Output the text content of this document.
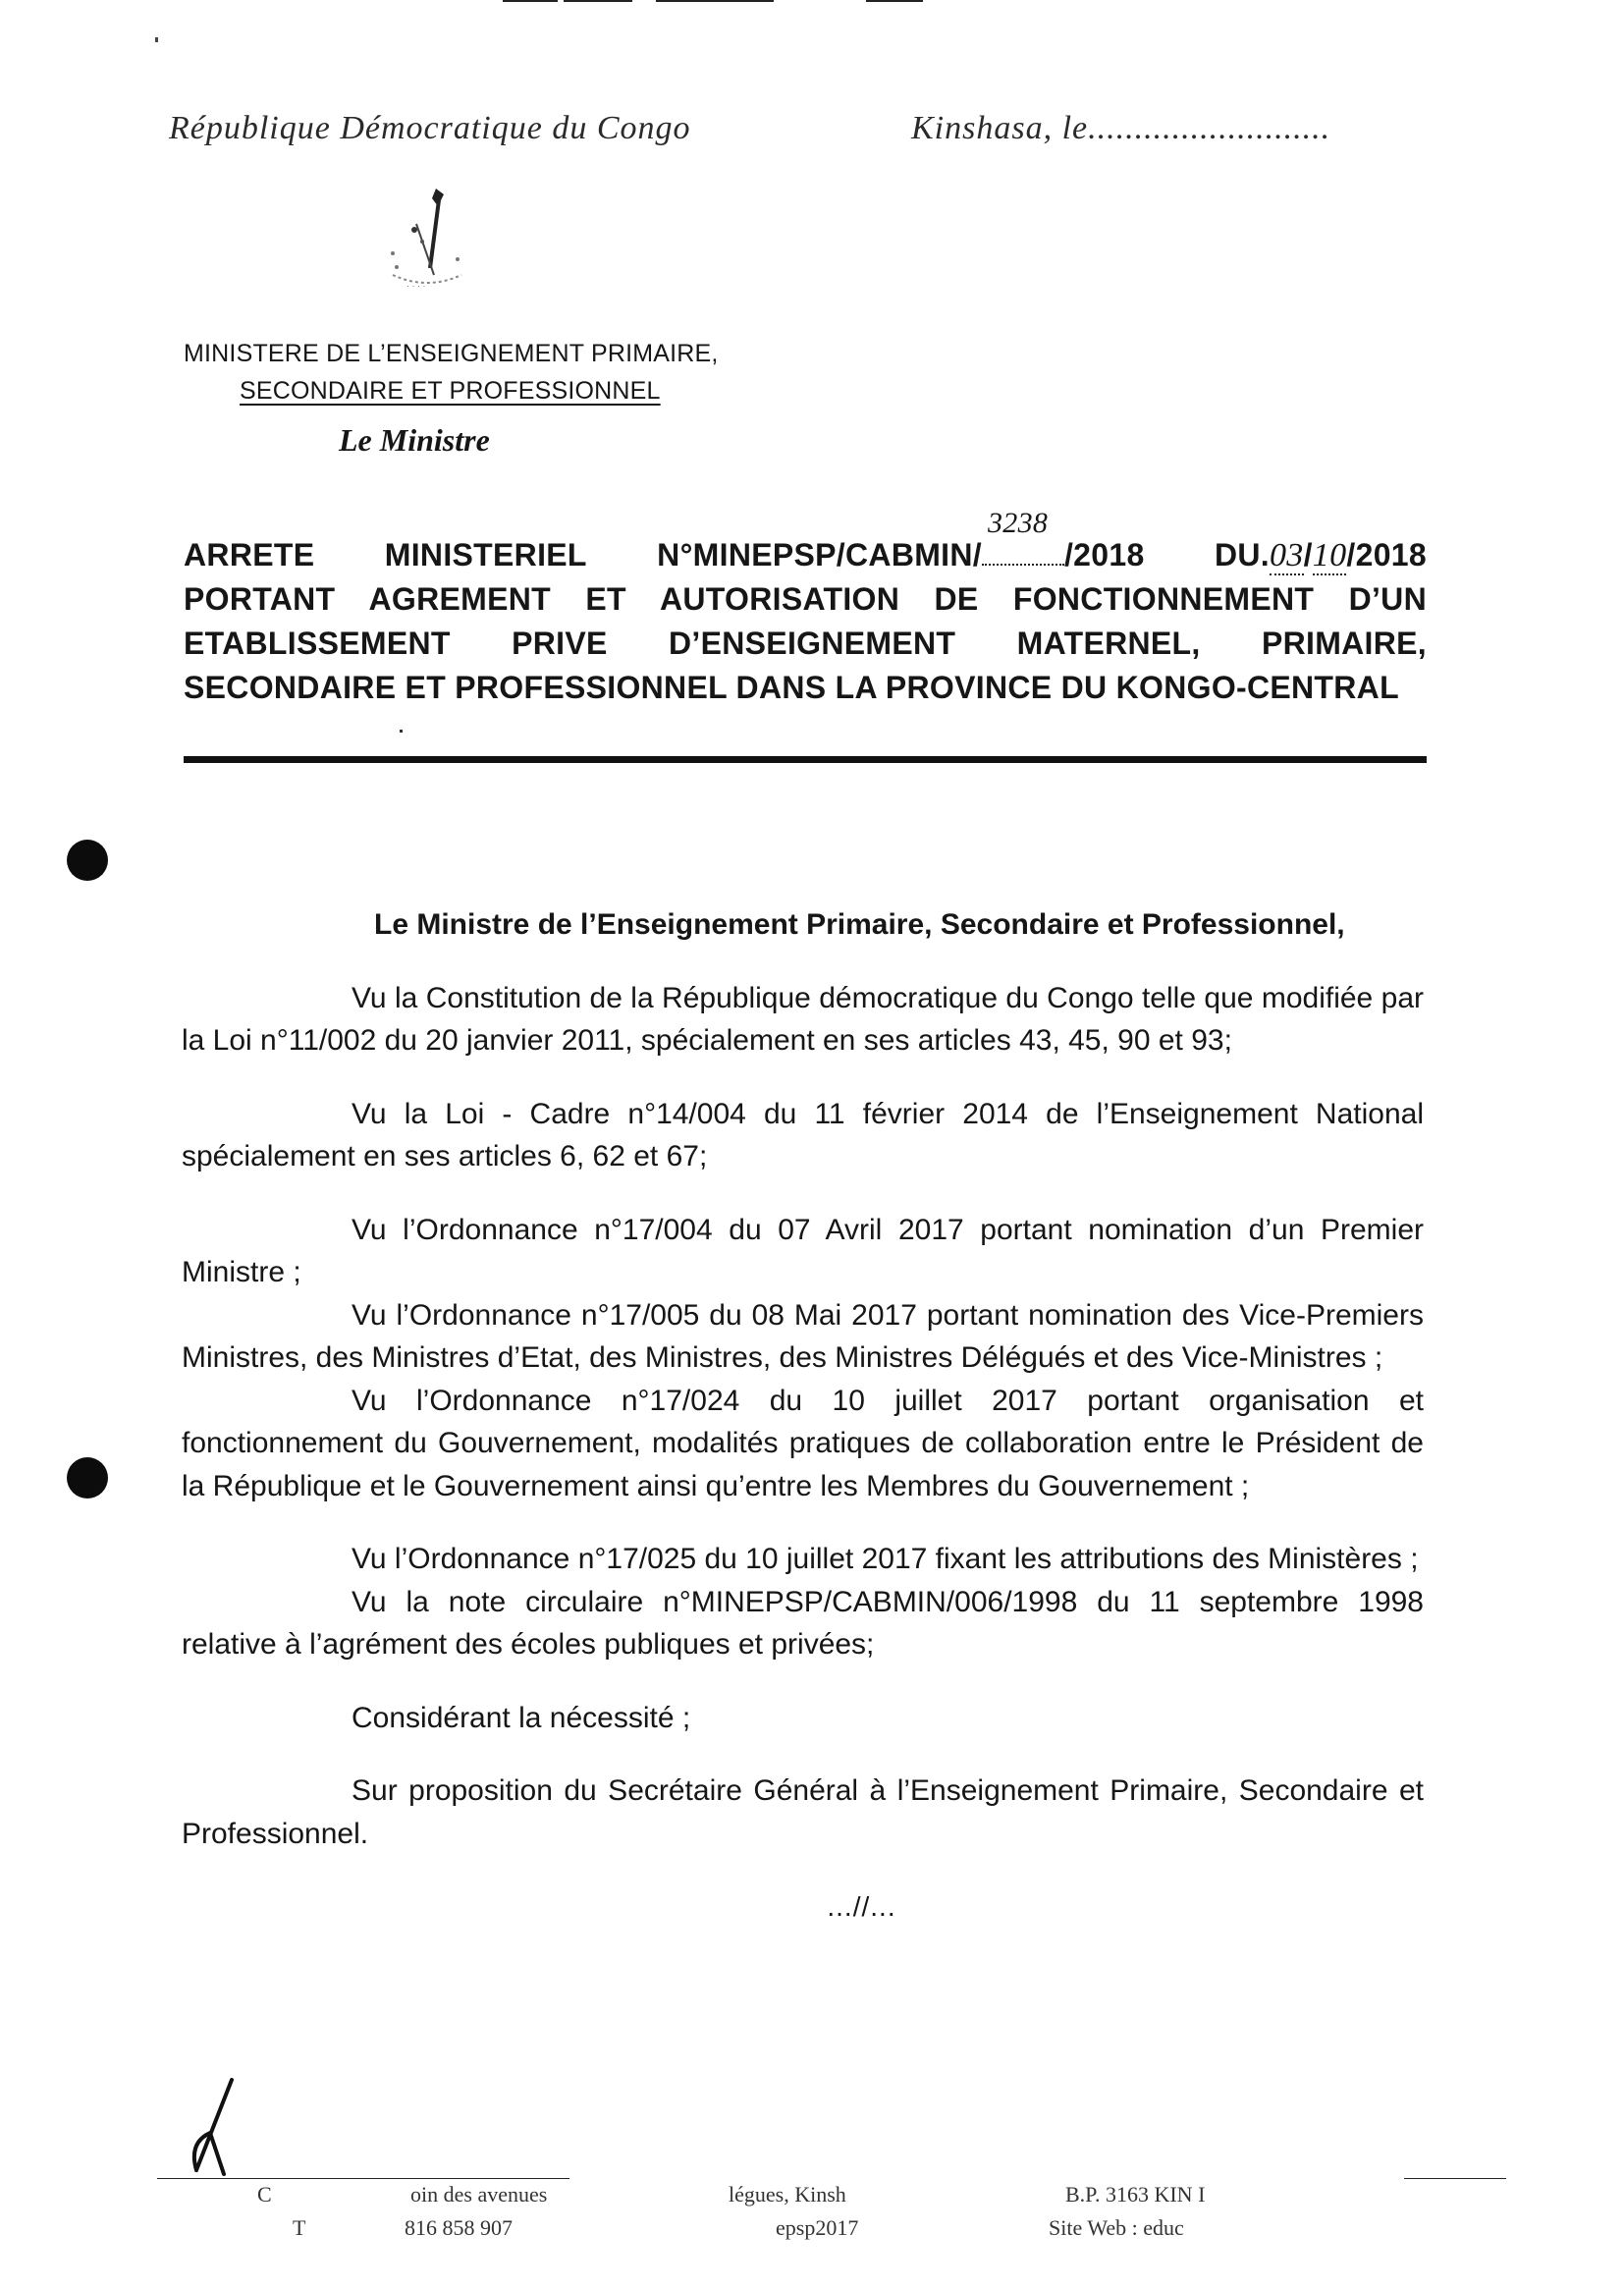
République Démocratique du Congo	Kinshasa, le..........................
· · · ·
MINISTERE DE L’ENSEIGNEMENT PRIMAIRE,
SECONDAIRE ET PROFESSIONNEL
Le Ministre
ARRETE MINISTERIEL N°MINEPSP/CABMIN/
3238
/2018 DU.03/10/2018
PORTANT AGREMENT ET AUTORISATION DE FONCTIONNEMENT D’UN ETABLISSEMENT PRIVE D’ENSEIGNEMENT MATERNEL, PRIMAIRE, SECONDAIRE ET PROFESSIONNEL DANS LA PROVINCE DU KONGO-CENTRAL

Le Ministre de l’Enseignement Primaire, Secondaire et Professionnel,

Vu la Constitution de la République démocratique du Congo telle que modifiée par la Loi n°11/002 du 20 janvier 2011, spécialement en ses articles 43, 45, 90 et 93;

Vu la Loi - Cadre n°14/004 du 11 février 2014 de l’Enseignement National spécialement en ses articles 6, 62 et 67;

Vu l’Ordonnance n°17/004 du 07 Avril 2017 portant nomination d’un Premier Ministre ;

Vu l’Ordonnance n°17/005 du 08 Mai 2017 portant nomination des Vice-Premiers Ministres, des Ministres d’Etat, des Ministres, des Ministres Délégués et des Vice-Ministres ;

Vu l’Ordonnance n°17/024 du 10 juillet 2017 portant organisation et fonctionnement du Gouvernement, modalités pratiques de collaboration entre le Président de la République et le Gouvernement ainsi qu’entre les Membres du Gouvernement ;

Vu l’Ordonnance n°17/025 du 10 juillet 2017 fixant les attributions des Ministères ;

Vu la note circulaire n°MINEPSP/CABMIN/006/1998 du 11 septembre 1998 relative à l’agrément des écoles publiques et privées;

Considérant la nécessité ;

Sur proposition du Secrétaire Général à l’Enseignement Primaire, Secondaire et Professionnel.

...//...
C	oin des avenues	légues, Kinsh	B.P. 3163 KIN I
T	816 858 907	epsp2017	Site Web : educ
